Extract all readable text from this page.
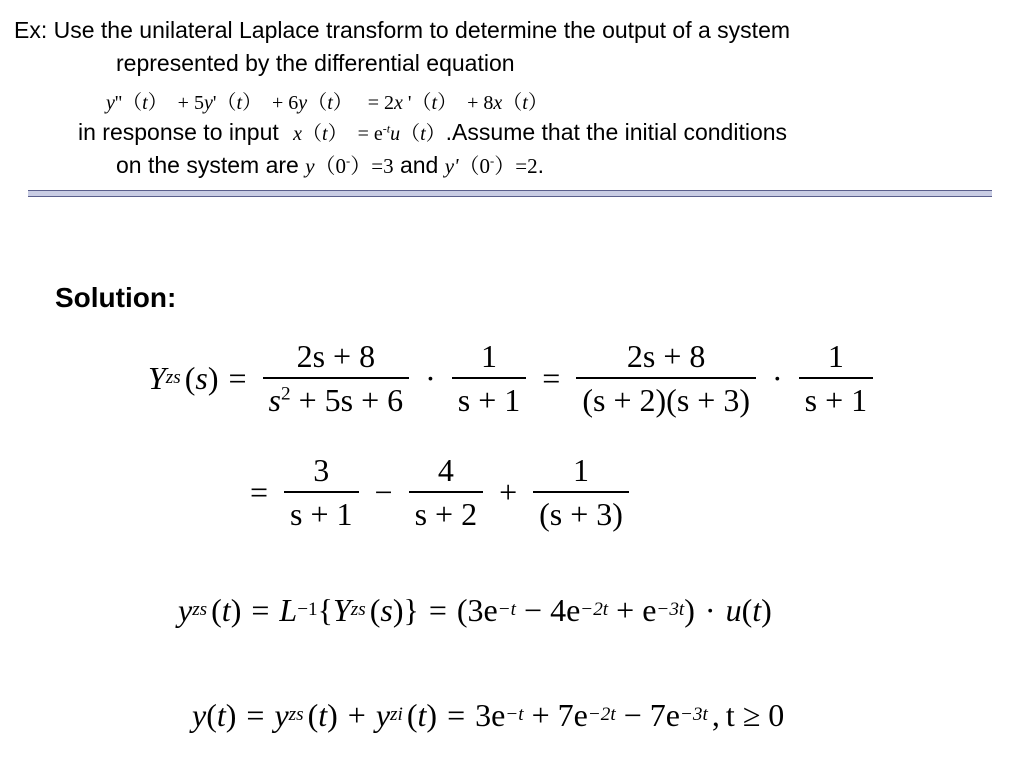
Ex: Use the unilateral Laplace transform to determine the output of a system
represented by the differential equation
y''（t） + 5y'（t） + 6y（t） = 2x '（t） + 8x（t）
in response to input $x(t) = e^{-t}u(t).Assume$ that the initial conditions
on the system are y（0-）=3 and y'（0-）=2.
Solution:
Y zs $(s) = \frac{2s + 8}{s^2 + 5s + 6} \cdot \frac{1}{s + 1} = \frac{2s + 8}{(s + 2)(s + 3)} \cdot \frac{1}{s + 1}$
= $\frac{3}{s + 1} - \frac{4}{s + 2} + \frac{1}{(s + 3)}$
y zs (t) = L −1 { Y zs ( s ) } = (3e −t − 4e −2t + e −3t ) · u ( t )
y ( t ) = y zs ( t ) + y zi ( t ) = 3e −t + 7e −2t − 7e −3t , t ≥ 0
